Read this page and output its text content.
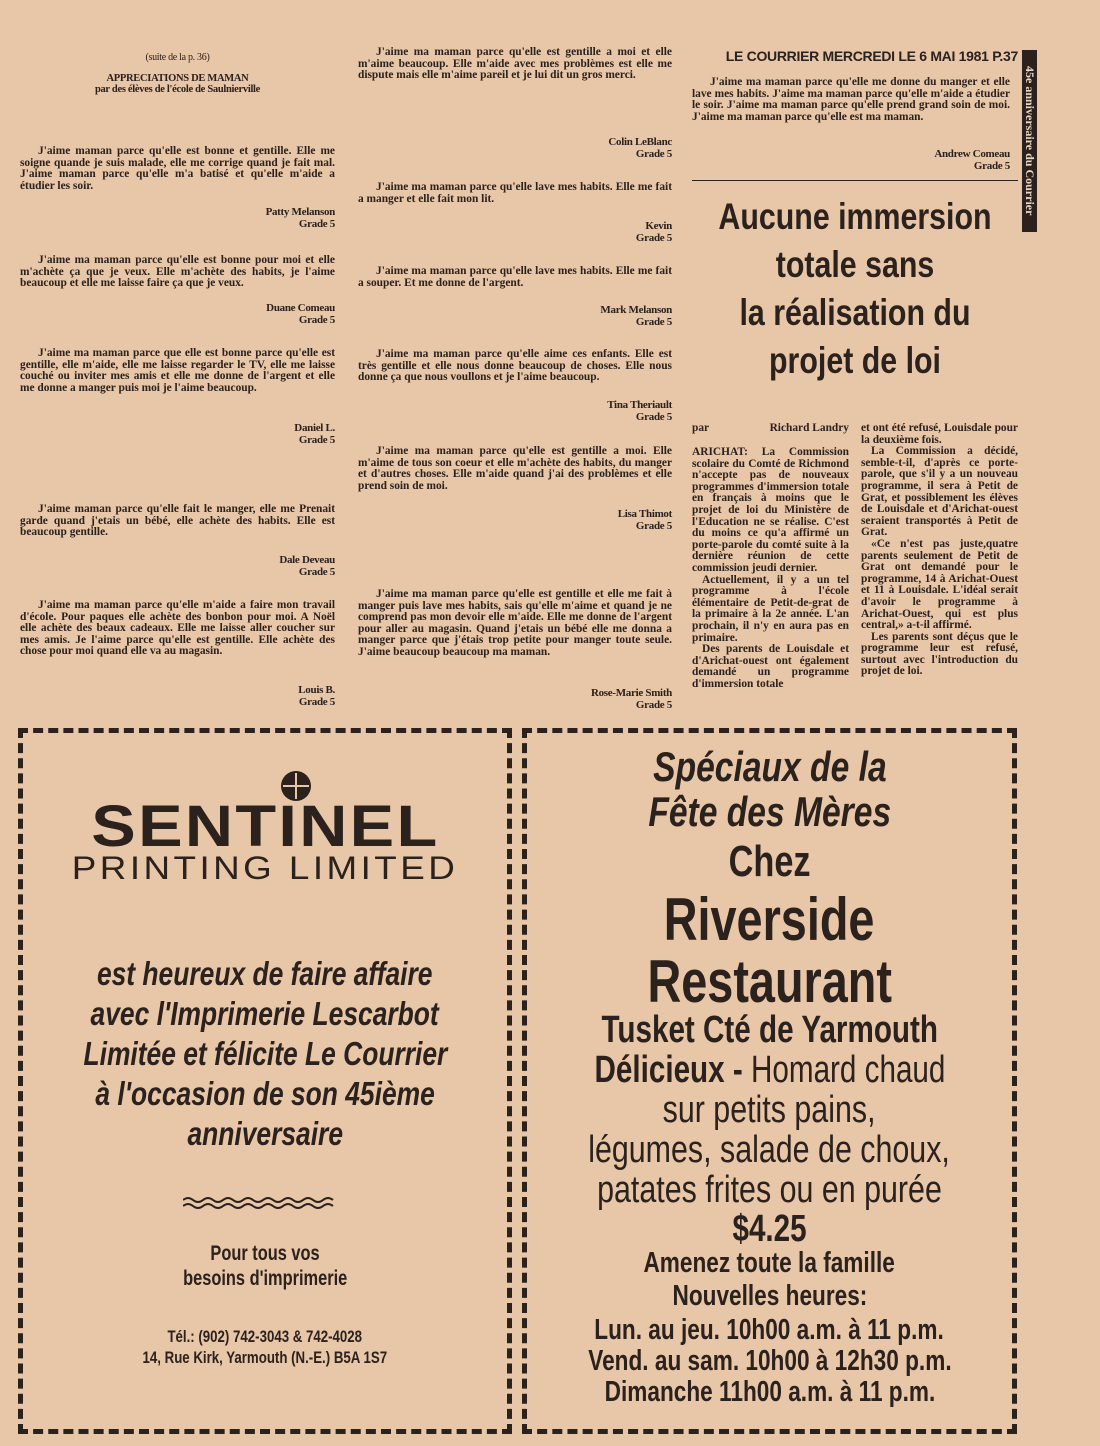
(suite de la p. 36)
APPRECIATIONS DE MAMAN
par des élèves de l'école de Saulnierville
J'aime maman parce qu'elle est bonne et gentille. Elle me soigne quande je suis malade, elle me corrige quand je fait mal. J'aime maman parce qu'elle m'a batisé et qu'elle m'aide a étudier les soir.
Patty Melanson
Grade 5
J'aime ma maman parce qu'elle est bonne pour moi et elle m'achète ça que je veux. Elle m'achète des habits, je l'aime beaucoup et elle me laisse faire ça que je veux.
Duane Comeau
Grade 5
J'aime ma maman parce que elle est bonne parce qu'elle est gentille, elle m'aide, elle me laisse regarder le TV, elle me laisse couché ou inviter mes amis et elle me donne de l'argent et elle me donne a manger puis moi je l'aime beaucoup.
Daniel L.
Grade 5
J'aime maman parce qu'elle fait le manger, elle me Prenait garde quand j'etais un bébé, elle achète des habits. Elle est beaucoup gentille.
Dale Deveau
Grade 5
J'aime ma maman parce qu'elle m'aide a faire mon travail d'école. Pour paques elle achète des bonbon pour moi. A Noël elle achète des beaux cadeaux. Elle me laisse aller coucher sur mes amis. Je l'aime parce qu'elle est gentille. Elle achète des chose pour moi quand elle va au magasin.
Louis B.
Grade 5
J'aime ma maman parce qu'elle est gentille a moi et elle m'aime beaucoup. Elle m'aide avec mes problèmes est elle me dispute mais elle m'aime pareil et je lui dit un gros merci.
Colin LeBlanc
Grade 5
J'aime ma maman parce qu'elle lave mes habits. Elle me fait a manger et elle fait mon lit.
Kevin
Grade 5
J'aime ma maman parce qu'elle lave mes habits. Elle me fait a souper. Et me donne de l'argent.
Mark Melanson
Grade 5
J'aime ma maman parce qu'elle aime ces enfants. Elle est très gentille et elle nous donne beaucoup de choses. Elle nous donne ça que nous voullons et je l'aime beaucoup.
Tina Theriault
Grade 5
J'aime ma maman parce qu'elle est gentille a moi. Elle m'aime de tous son coeur et elle m'achète des habits, du manger et d'autres choses. Elle m'aide quand j'ai des problèmes et elle prend soin de moi.
Lisa Thimot
Grade 5
J'aime ma maman parce qu'elle est gentille et elle me fait à manger puis lave mes habits, sais qu'elle m'aime et quand je ne comprend pas mon devoir elle m'aide. Elle me donne de l'argent pour aller au magasin. Quand j'etais un bébé elle me donna a manger parce que j'étais trop petite pour manger toute seule. J'aime beaucoup beaucoup ma maman.
Rose-Marie Smith
Grade 5
LE COURRIER MERCREDI LE 6 MAI 1981 P.37
45e anniversaire du Courrier
J'aime ma maman parce qu'elle me donne du manger et elle lave mes habits. J'aime ma maman parce qu'elle m'aide a étudier le soir. J'aime ma maman parce qu'elle prend grand soin de moi. J'aime ma maman parce qu'elle est ma maman.
Andrew Comeau
Grade 5
Aucune immersion
totale sans
la réalisation du
projet de loi
par	Richard Landry
ARICHAT: La Commission scolaire du Comté de Richmond n'accepte pas de nouveaux programmes d'immersion totale en français à moins que le projet de loi du Ministère de l'Education ne se réalise. C'est du moins ce qu'a affirmé un porte-parole du comté suite à la dernière réunion de cette commission jeudi dernier.
Actuellement, il y a un tel programme à l'école élémentaire de Petit-de-grat de la primaire à la 2e année. L'an prochain, il n'y en aura pas en primaire.
Des parents de Louisdale et d'Arichat-ouest ont également demandé un programme d'immersion totale
et ont été refusé, Louisdale pour la deuxième fois.
La Commission a décidé, semble-t-il, d'après ce porte-parole, que s'il y a un nouveau programme, il sera à Petit de Grat, et possiblement les élèves de Louisdale et d'Arichat-ouest seraient transportés à Petit de Grat.
«Ce n'est pas juste,quatre parents seulement de Petit de Grat ont demandé pour le programme, 14 à Arichat-Ouest et 11 à Louisdale. L'idéal serait d'avoir le programme à Arichat-Ouest, qui est plus central,» a-t-il affirmé.
Les parents sont déçus que le programme leur est refusé, surtout avec l'introduction du projet de loi.
SENTINEL
PRINTING LIMITED
est heureux de faire affaire
avec l'Imprimerie Lescarbot
Limitée et félicite Le Courrier
à l'occasion de son 45ième
anniversaire
Pour tous vos
besoins d'imprimerie
Tél.: (902) 742-3043 & 742-4028
14, Rue Kirk, Yarmouth (N.-E.) B5A 1S7
Spéciaux de la
Fête des Mères
Chez
Riverside
Restaurant
Tusket Cté de Yarmouth
Délicieux - Homard chaud
sur petits pains,
légumes, salade de choux,
patates frites ou en purée
$4.25
Amenez toute la famille
Nouvelles heures:
Lun. au jeu. 10h00 a.m. à 11 p.m.
Vend. au sam. 10h00 à 12h30 p.m.
Dimanche 11h00 a.m. à 11 p.m.
